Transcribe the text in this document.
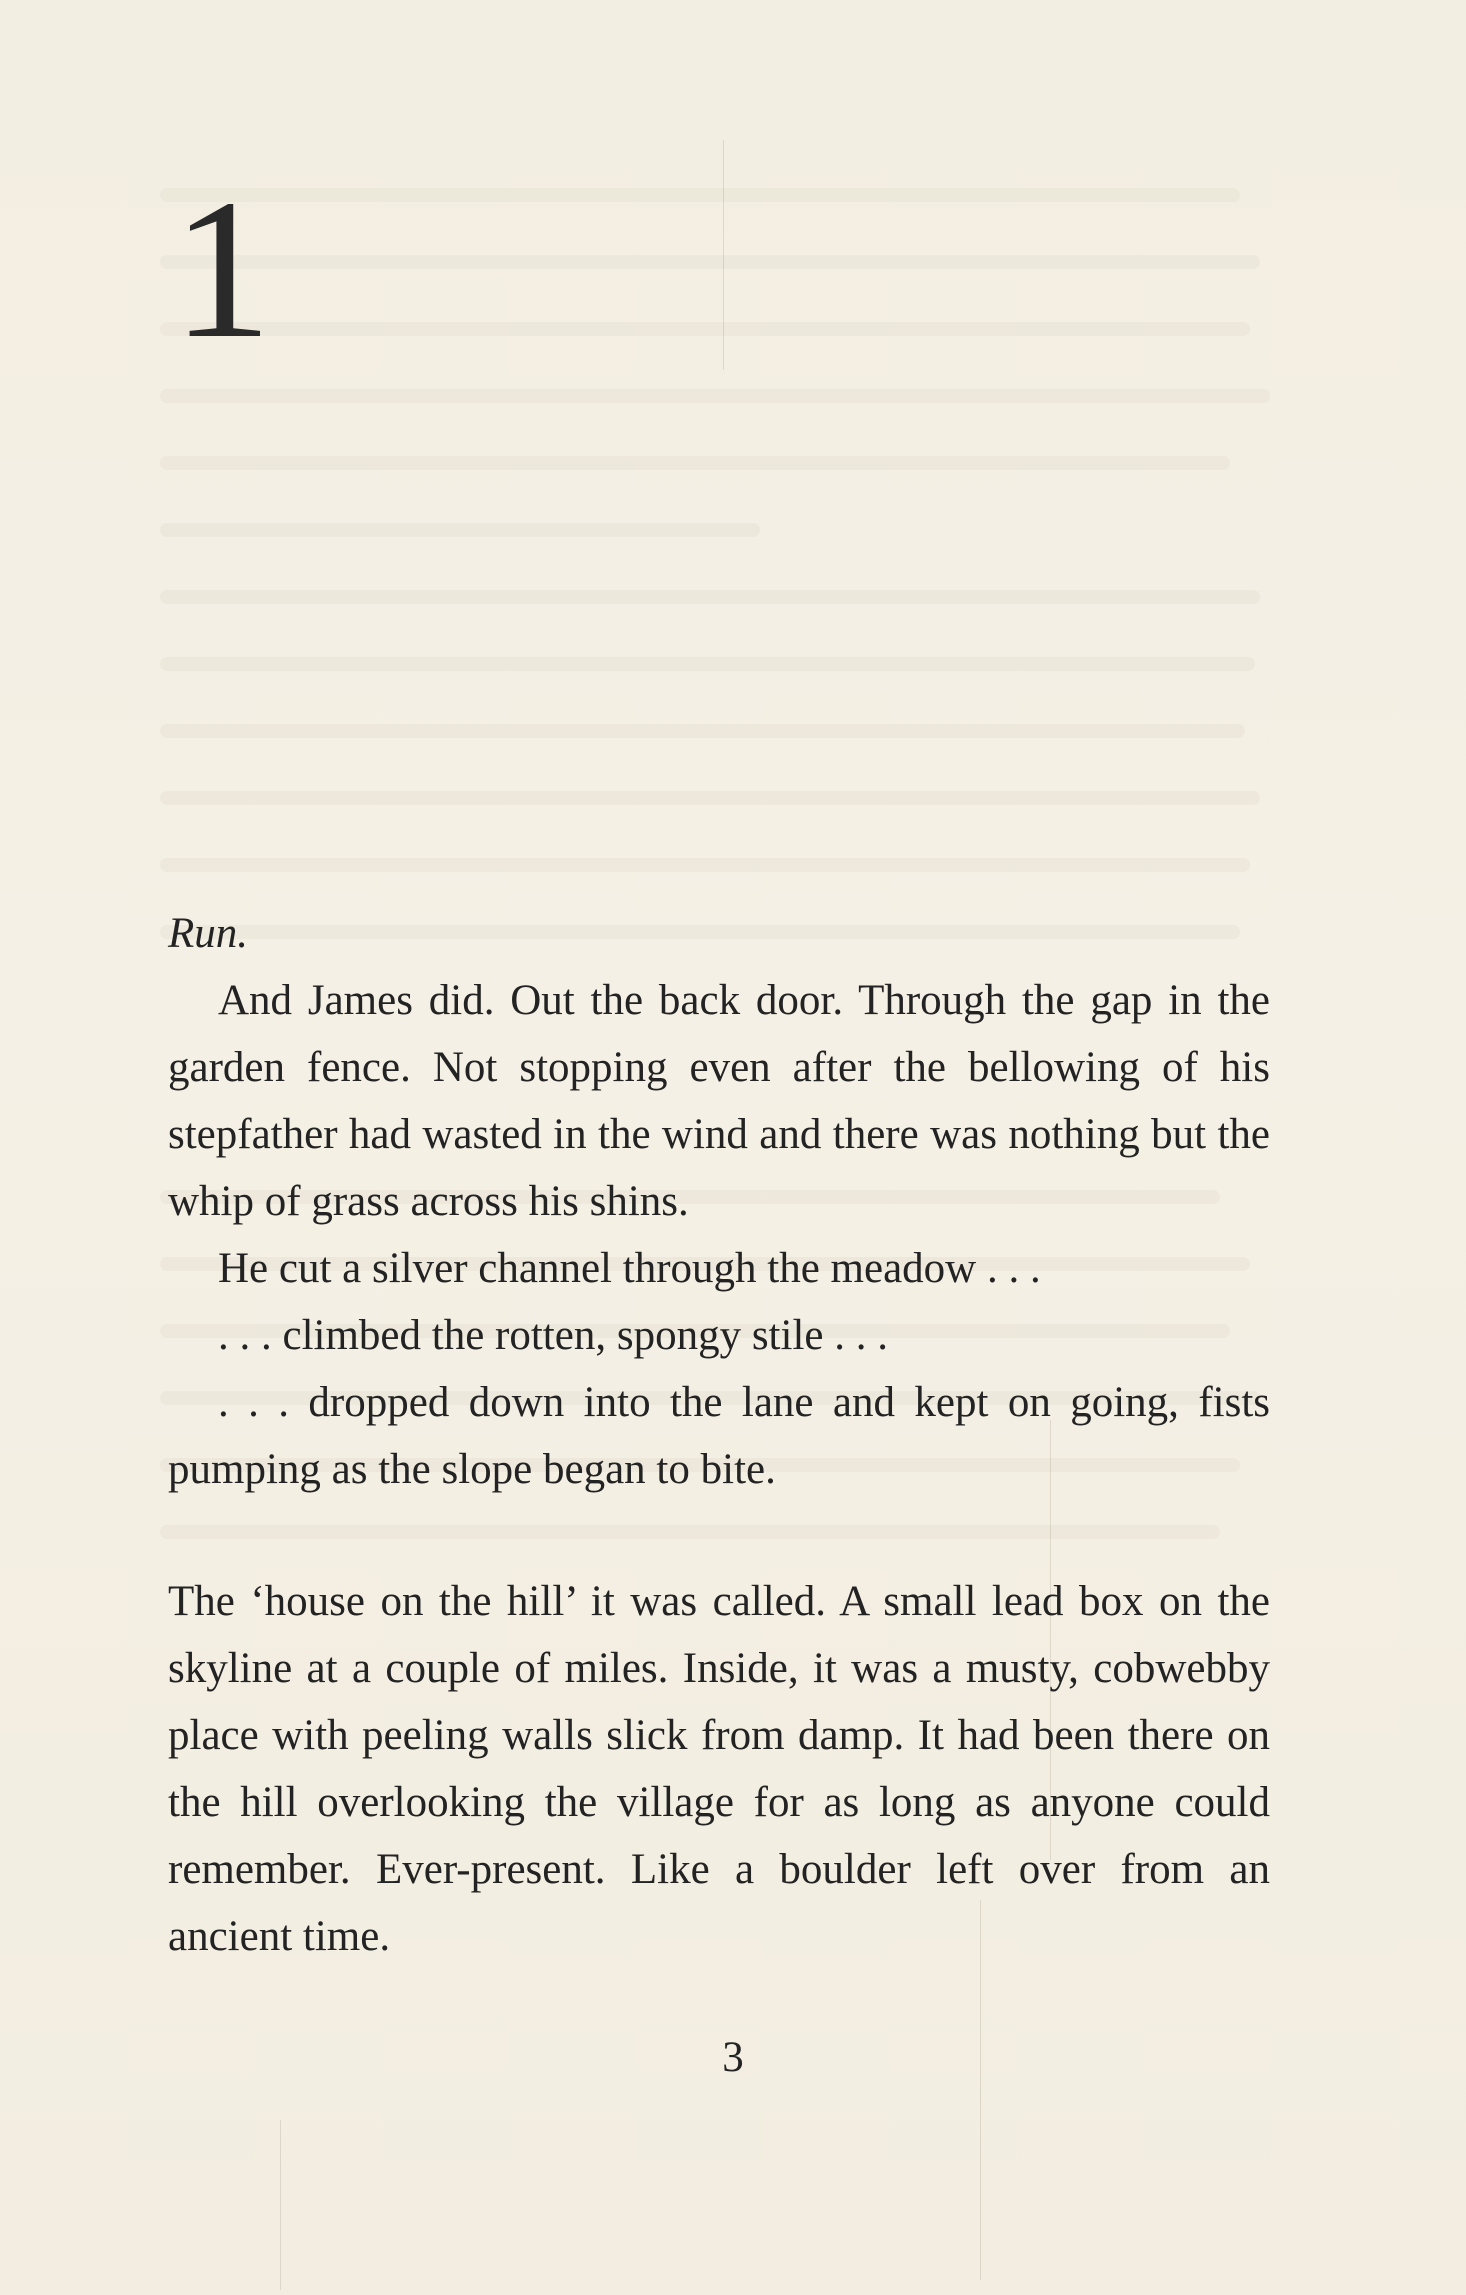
1

Run.

And James did. Out the back door. Through the gap in the garden fence. Not stopping even after the bellowing of his stepfather had wasted in the wind and there was nothing but the whip of grass across his shins.

He cut a silver channel through the meadow . . .

. . . climbed the rotten, spongy stile . . .

. . . dropped down into the lane and kept on going, fists pumping as the slope began to bite.

The ‘house on the hill’ it was called. A small lead box on the skyline at a couple of miles. Inside, it was a musty, cobwebby place with peeling walls slick from damp. It had been there on the hill overlooking the village for as long as anyone could remember. Ever-present. Like a boulder left over from an ancient time.

3
